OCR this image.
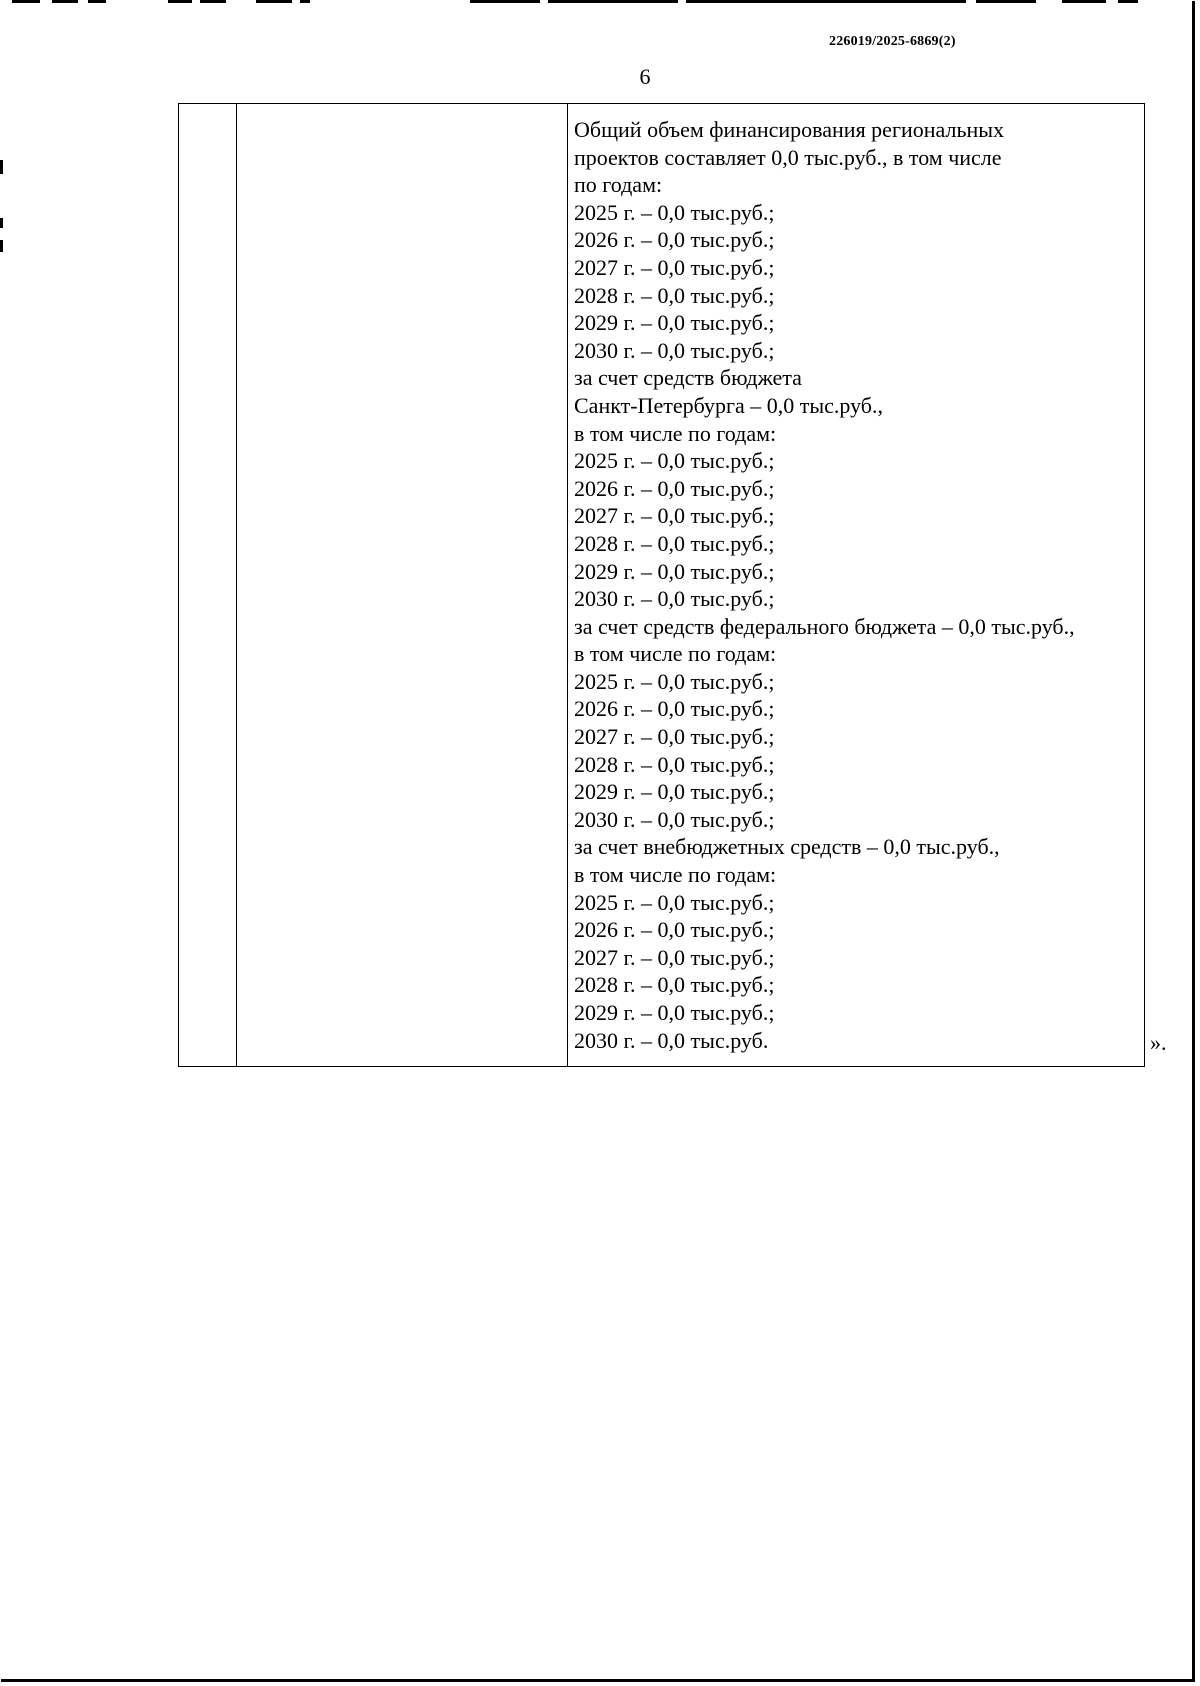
226019/2025-6869(2)
6
Общий объем финансирования региональных
проектов составляет 0,0 тыс.руб., в том числе
по годам:
2025 г. – 0,0 тыс.руб.;
2026 г. – 0,0 тыс.руб.;
2027 г. – 0,0 тыс.руб.;
2028 г. – 0,0 тыс.руб.;
2029 г. – 0,0 тыс.руб.;
2030 г. – 0,0 тыс.руб.;
за счет средств бюджета
Санкт-Петербурга – 0,0 тыс.руб.,
в том числе по годам:
2025 г. – 0,0 тыс.руб.;
2026 г. – 0,0 тыс.руб.;
2027 г. – 0,0 тыс.руб.;
2028 г. – 0,0 тыс.руб.;
2029 г. – 0,0 тыс.руб.;
2030 г. – 0,0 тыс.руб.;
за счет средств федерального бюджета – 0,0 тыс.руб.,
в том числе по годам:
2025 г. – 0,0 тыс.руб.;
2026 г. – 0,0 тыс.руб.;
2027 г. – 0,0 тыс.руб.;
2028 г. – 0,0 тыс.руб.;
2029 г. – 0,0 тыс.руб.;
2030 г. – 0,0 тыс.руб.;
за счет внебюджетных средств – 0,0 тыс.руб.,
в том числе по годам:
2025 г. – 0,0 тыс.руб.;
2026 г. – 0,0 тыс.руб.;
2027 г. – 0,0 тыс.руб.;
2028 г. – 0,0 тыс.руб.;
2029 г. – 0,0 тыс.руб.;
2030 г. – 0,0 тыс.руб.	».
